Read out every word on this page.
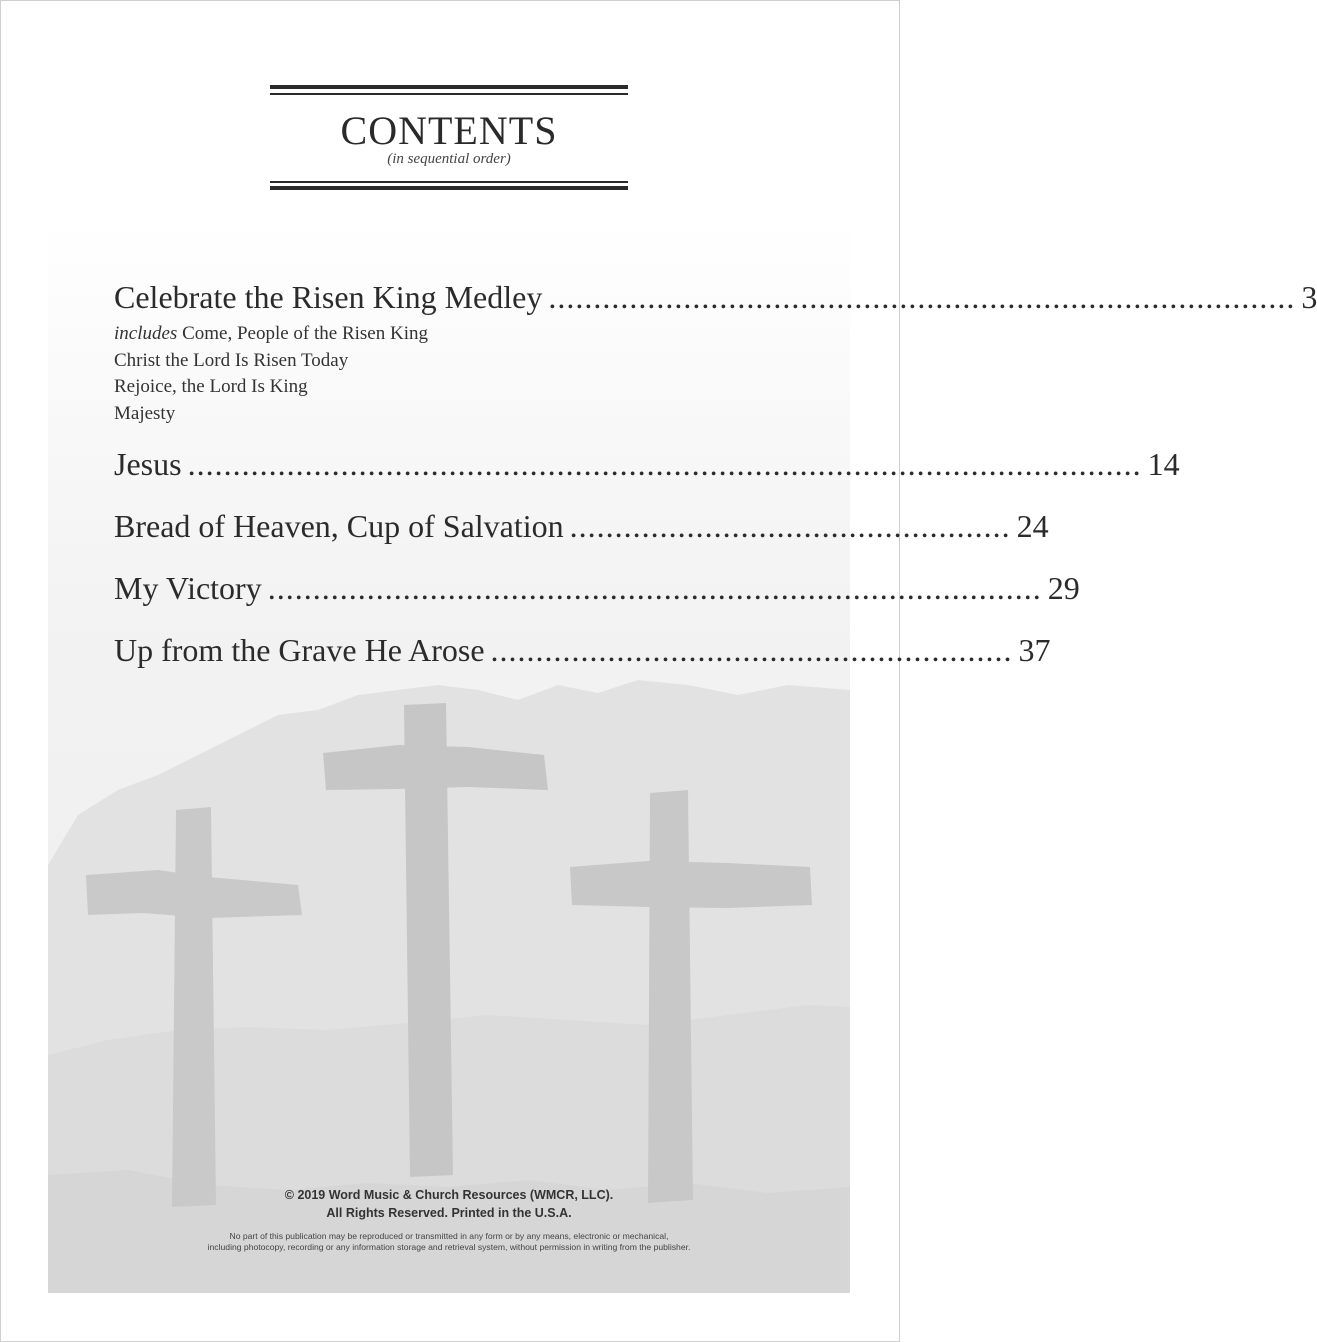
CONTENTS
(in sequential order)
Celebrate the Risen King Medley ................................................................................... 3
includes Come, People of the Risen King
Christ the Lord Is Risen Today
Rejoice, the Lord Is King
Majesty
Jesus .......................................................................................................... 14
Bread of Heaven, Cup of Salvation ................................................. 24
My Victory ...................................................................................... 29
Up from the Grave He Arose .......................................................... 37
© 2019 Word Music & Church Resources (WMCR, LLC).
All Rights Reserved. Printed in the U.S.A.
No part of this publication may be reproduced or transmitted in any form or by any means, electronic or mechanical,
including photocopy, recording or any information storage and retrieval system, without permission in writing from the publisher.
